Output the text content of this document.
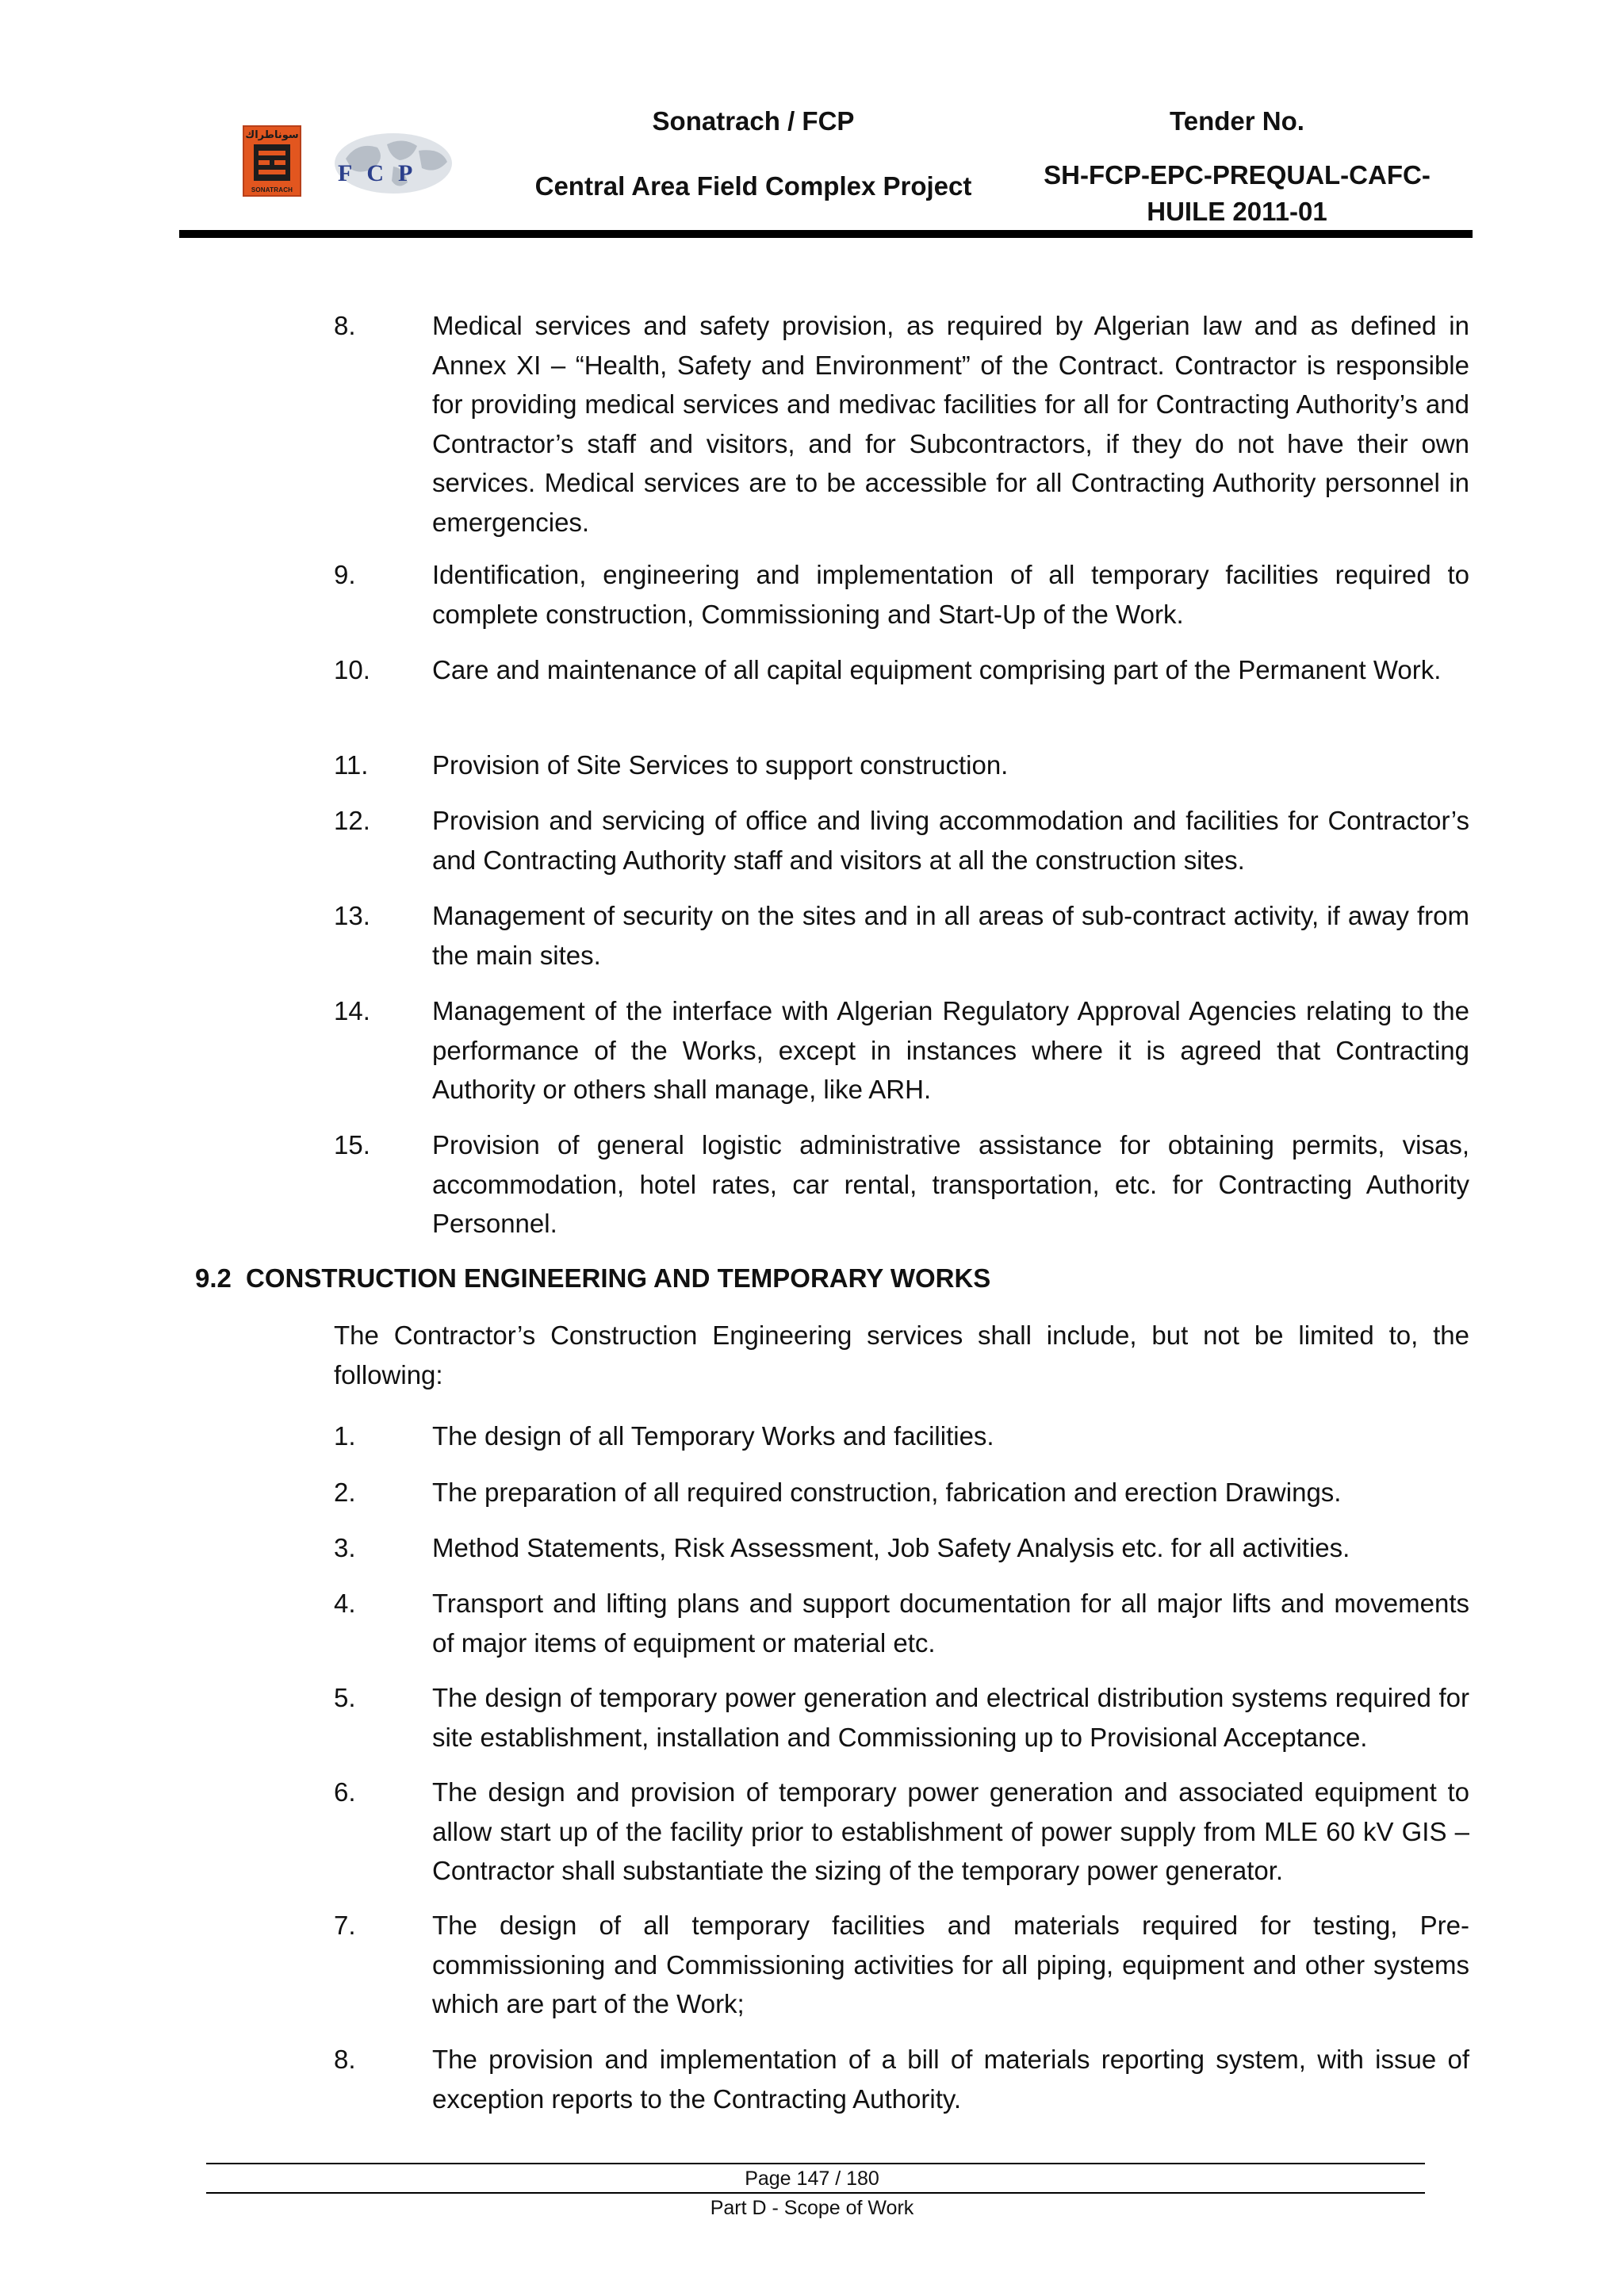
سوناطراك
SONATRACH
FCP
Sonatrach / FCP
Central Area Field Complex Project
Tender No.
SH-FCP-EPC-PREQUAL-CAFC-HUILE 2011-01
8.	Medical services and safety provision, as required by Algerian law and as defined in Annex XI – “Health, Safety and Environment” of the Contract. Contractor is responsible for providing medical services and medivac facilities for all for Contracting Authority’s and Contractor’s staff and visitors, and for Subcontractors, if they do not have their own services. Medical services are to be accessible for all Contracting Authority personnel in emergencies.
9.	Identification, engineering and implementation of all temporary facilities required to complete construction, Commissioning and Start-Up of the Work.
10. Care and maintenance of all capital equipment comprising part of the Permanent Work.
11. Provision of Site Services to support construction.
12. Provision and servicing of office and living accommodation and facilities for Contractor’s and Contracting Authority staff and visitors at all the construction sites.
13. Management of security on the sites and in all areas of sub-contract activity, if away from the main sites.
14. Management of the interface with Algerian Regulatory Approval Agencies relating to the performance of the Works, except in instances where it is agreed that Contracting Authority or others shall manage, like ARH.
15. Provision of general logistic administrative assistance for obtaining permits, visas, accommodation, hotel rates, car rental, transportation, etc. for Contracting Authority Personnel.
9.2 CONSTRUCTION ENGINEERING AND TEMPORARY WORKS
The Contractor’s Construction Engineering services shall include, but not be limited to, the following:
1.	The design of all Temporary Works and facilities.
2.	The preparation of all required construction, fabrication and erection Drawings.
3.	Method Statements, Risk Assessment, Job Safety Analysis etc. for all activities.
4.	Transport and lifting plans and support documentation for all major lifts and movements of major items of equipment or material etc.
5.	The design of temporary power generation and electrical distribution systems required for site establishment, installation and Commissioning up to Provisional Acceptance.
6.	The design and provision of temporary power generation and associated equipment to allow start up of the facility prior to establishment of power supply from MLE 60 kV GIS – Contractor shall substantiate the sizing of the temporary power generator.
7.	The design of all temporary facilities and materials required for testing, Pre-commissioning and Commissioning activities for all piping, equipment and other systems which are part of the Work;
8.	The provision and implementation of a bill of materials reporting system, with issue of exception reports to the Contracting Authority.
Page 147 / 180
Part D - Scope of Work
